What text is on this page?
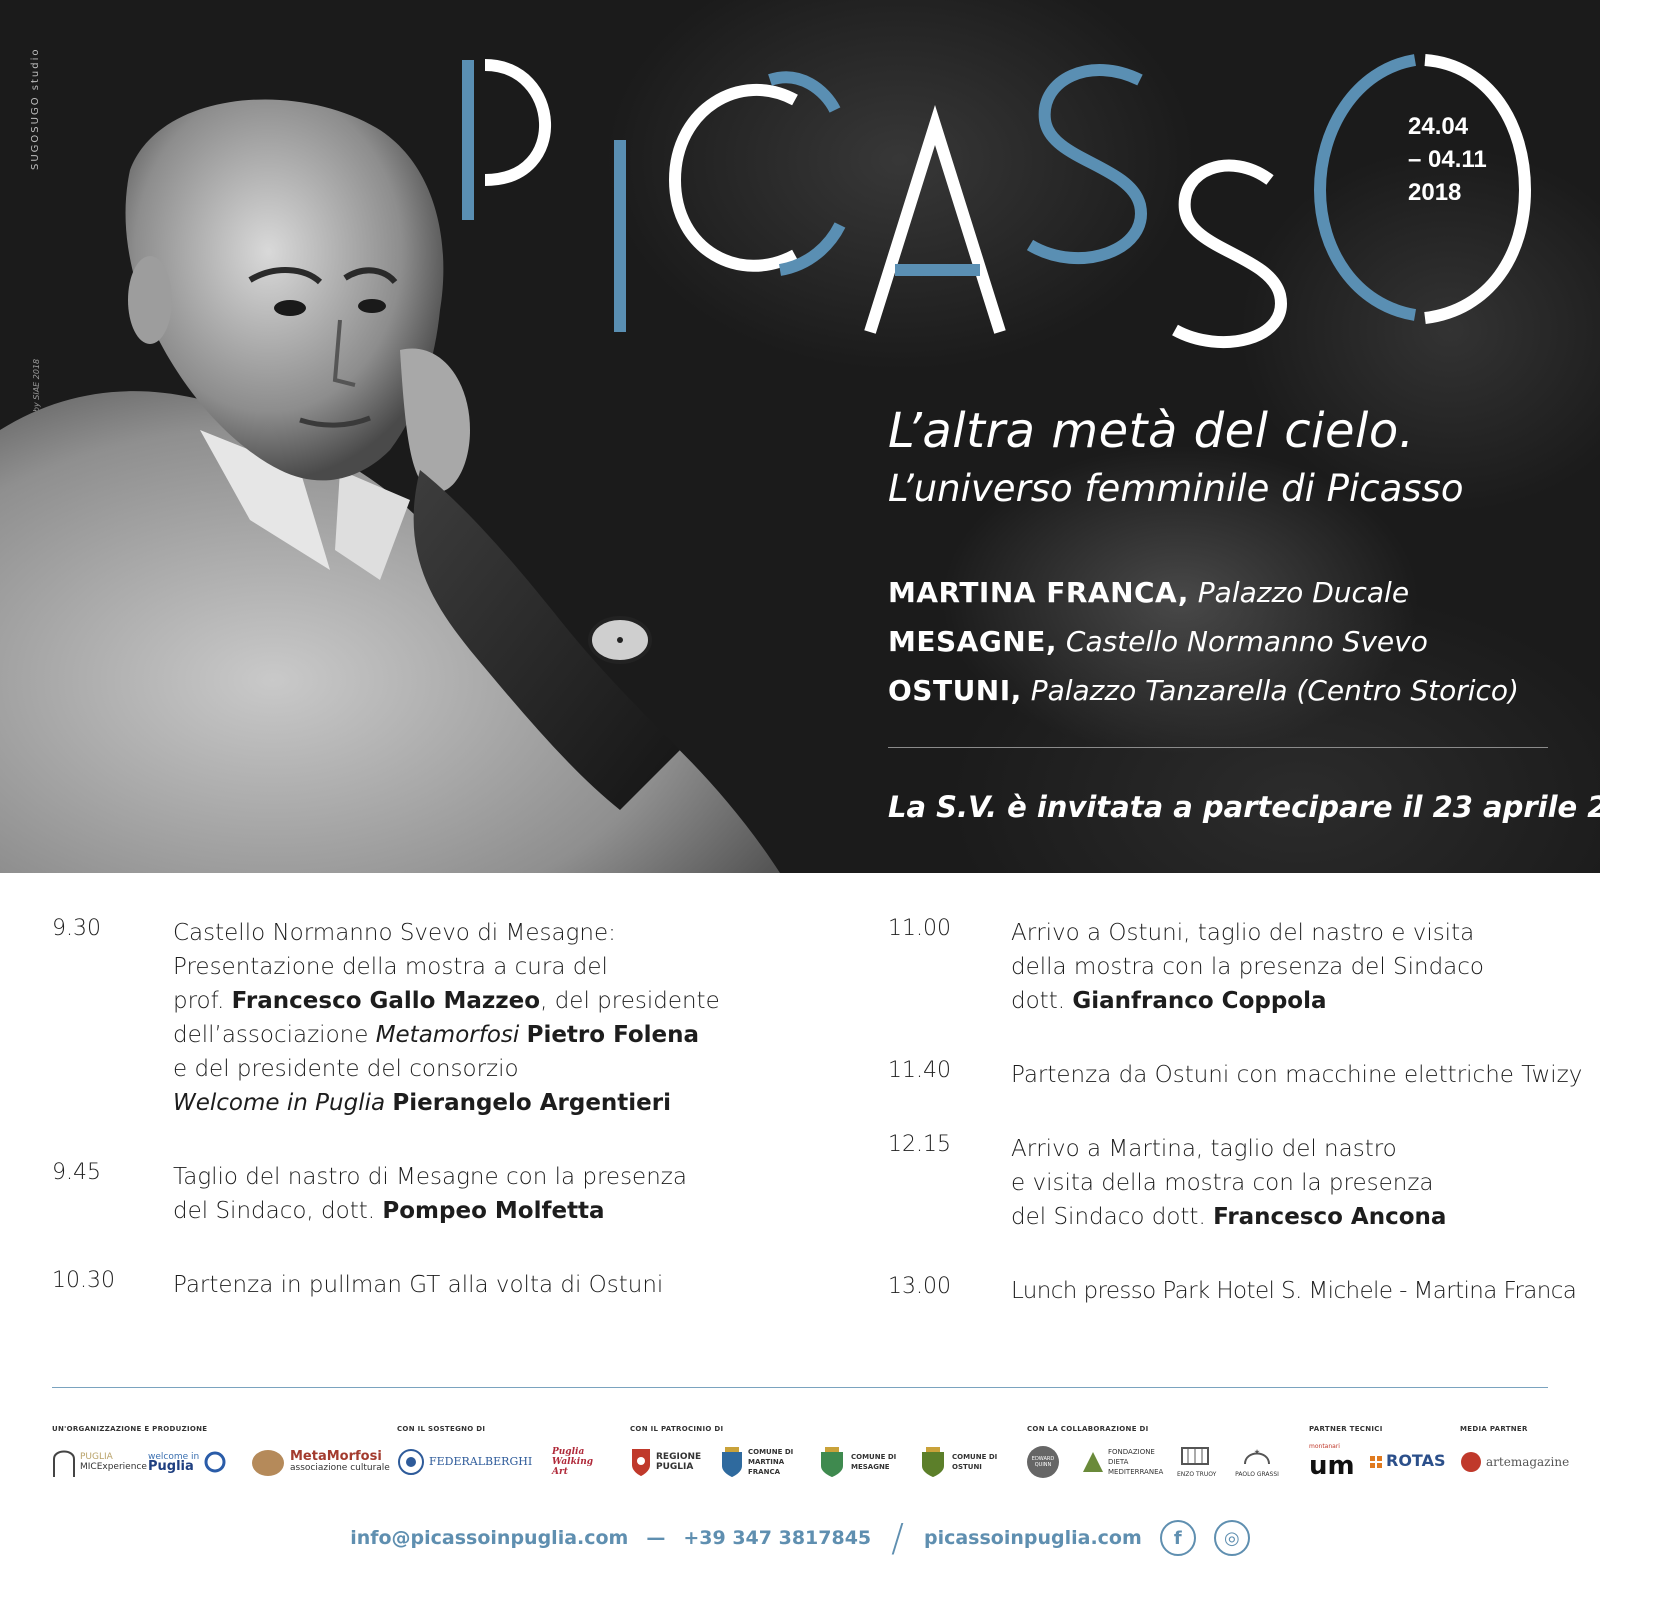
SUGOSUGO studio	24.04
– 04.11
2018
L’altra metà del cielo.
L’universo femminile di Picasso
MARTINA FRANCA, Palazzo Ducale
MESAGNE, Castello Normanno Svevo
OSTUNI, Palazzo Tanzarella (Centro Storico)
La S.V. è invitata a partecipare il 23 aprile 2018
9.30	Castello Normanno Svevo di Mesagne:
Presentazione della mostra a cura del
prof. Francesco Gallo Mazzeo, del presidente
dell’associazione Metamorfosi Pietro Folena
e del presidente del consorzio
Welcome in Puglia Pierangelo Argentieri
9.45	Taglio del nastro di Mesagne con la presenza
del Sindaco, dott. Pompeo Molfetta
10.30	Partenza in pullman GT alla volta di Ostuni
11.00	Arrivo a Ostuni, taglio del nastro e visita
della mostra con la presenza del Sindaco
dott. Gianfranco Coppola
11.40	Partenza da Ostuni con macchine elettriche Twizy
12.15	Arrivo a Martina, taglio del nastro
e visita della mostra con la presenza
del Sindaco dott. Francesco Ancona
13.00	Lunch presso Park Hotel S. Michele - Martina Franca
UN'ORGANIZZAZIONE E PRODUZIONE	CON IL SOSTEGNO DI	CON IL PATROCINIO DI	CON LA COLLABORAZIONE DI	PARTNER TECNICI	MEDIA PARTNER
PUGLIA
MICExperience
welcome in
Puglia
MetaMorfosi
associazione culturale	FEDERALBERGHI
Puglia Walking Art
REGIONE PUGLIA
COMUNE DI MARTINA FRANCA
COMUNE DI MESAGNE
COMUNE DI OSTUNI
EDWARD QUINN
FONDAZIONE DIETA MEDITERRANEA	ENZO TRUOY
★
PAOLO GRASSI
montanari
um ROTAS	artemagazine
info@picassoinpuglia.com — +39 347 3817845 / picassoinpuglia.com	f	◎
